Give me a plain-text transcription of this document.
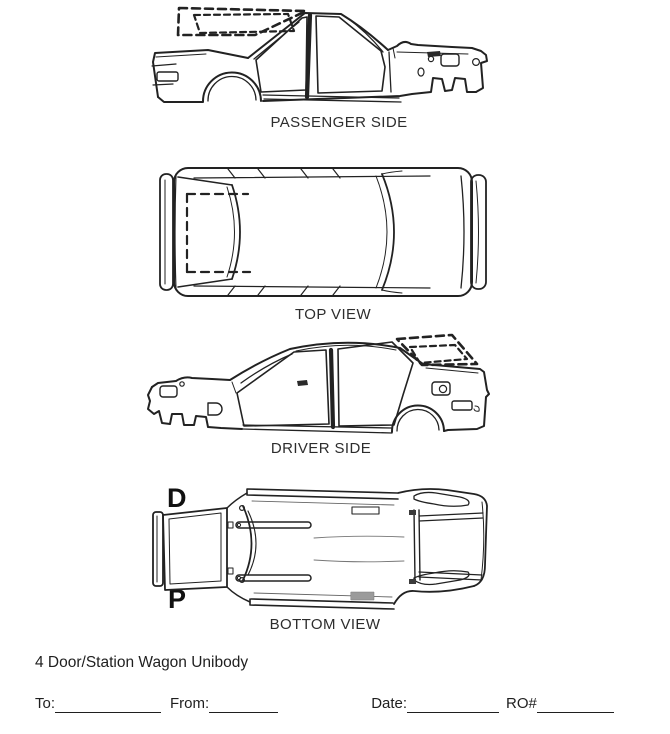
PASSENGER SIDE
TOP VIEW
DRIVER SIDE
D
P
BOTTOM VIEW
4 Door/Station Wagon Unibody
To:	From:	Date:	RO#
